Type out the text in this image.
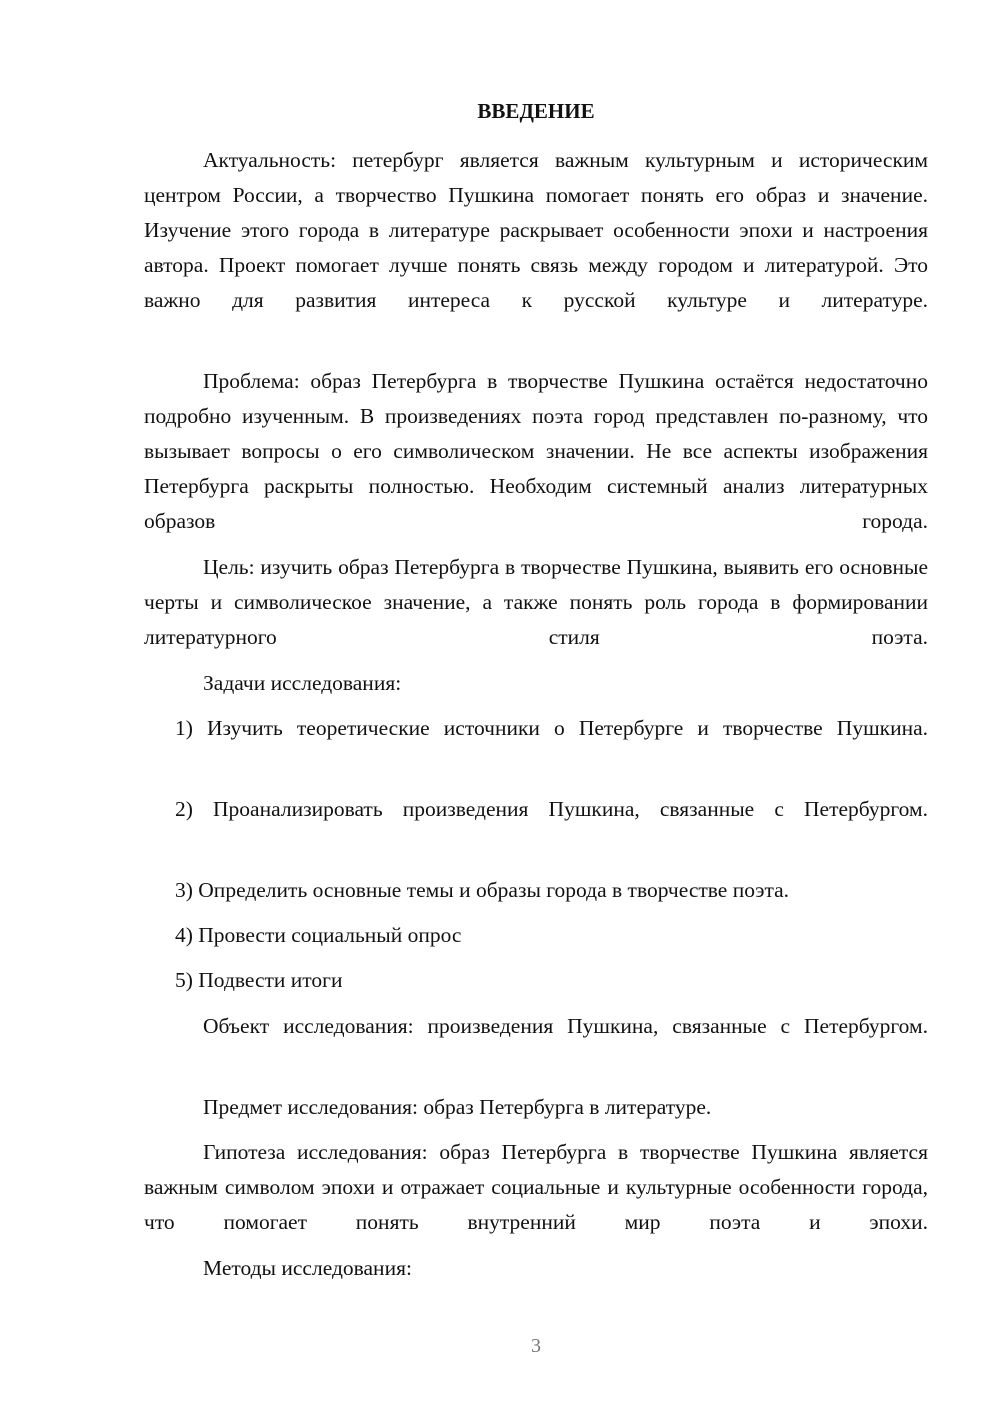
ВВЕДЕНИЕ

Актуальность: петербург является важным культурным и историческим центром России, а творчество Пушкина помогает понять его образ и значение. Изучение этого города в литературе раскрывает особенности эпохи и настроения автора. Проект помогает лучше понять связь между городом и литературой. Это важно для развития интереса к русской культуре и литературе.

Проблема: образ Петербурга в творчестве Пушкина остаётся недостаточно подробно изученным. В произведениях поэта город представлен по-разному, что вызывает вопросы о его символическом значении. Не все аспекты изображения Петербурга раскрыты полностью. Необходим системный анализ литературных образов города.

Цель: изучить образ Петербурга в творчестве Пушкина, выявить его основные черты и символическое значение, а также понять роль города в формировании литературного стиля поэта.

Задачи исследования:

1) Изучить теоретические источники о Петербурге и творчестве Пушкина.

2) Проанализировать произведения Пушкина, связанные с Петербургом.

3) Определить основные темы и образы города в творчестве поэта.

4) Провести социальный опрос

5) Подвести итоги

Объект исследования: произведения Пушкина, связанные с Петербургом.

Предмет исследования: образ Петербурга в литературе.

Гипотеза исследования: образ Петербурга в творчестве Пушкина является важным символом эпохи и отражает социальные и культурные особенности города, что помогает понять внутренний мир поэта и эпохи.

Методы исследования:

3
